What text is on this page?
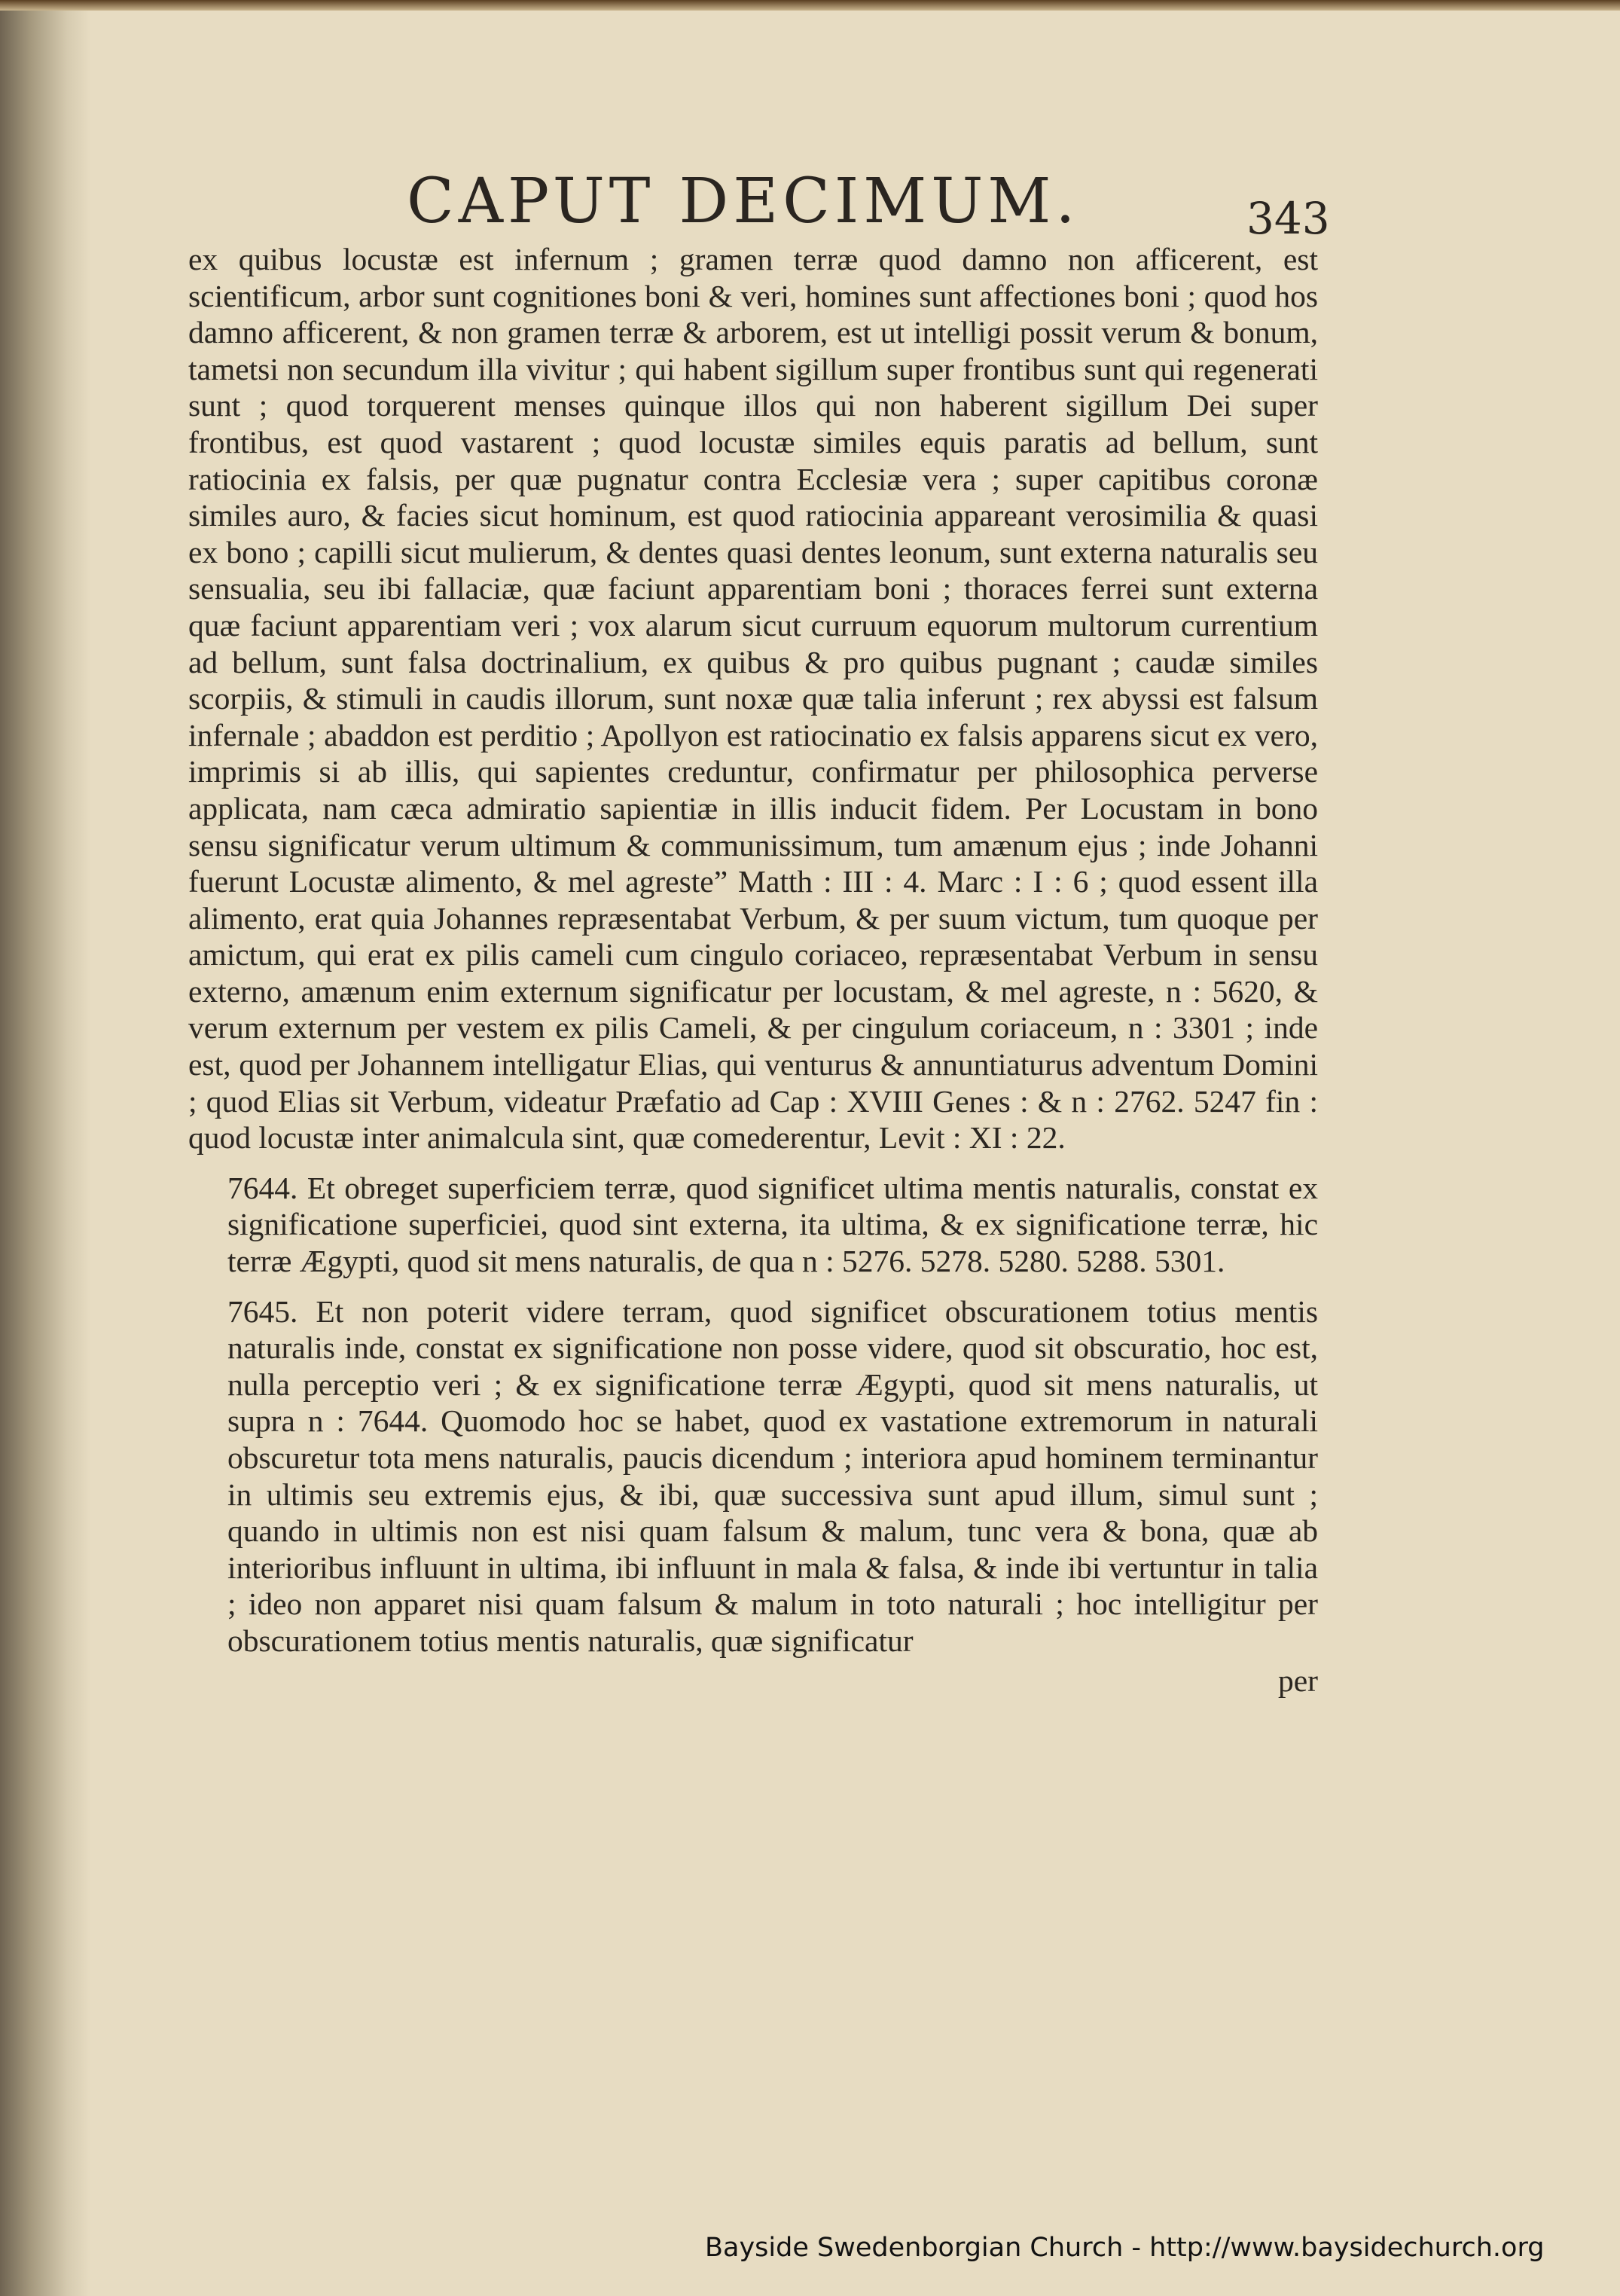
CAPUT DECIMUM.	343

ex quibus locustæ est infernum ; gramen terræ quod damno non afficerent, est scientificum, arbor sunt cognitiones boni & veri, homines sunt affectiones boni ; quod hos damno afficerent, & non gramen terræ & arborem, est ut intelligi possit verum & bonum, tametsi non secundum illa vivitur ; qui habent sigillum super frontibus sunt qui regenerati sunt ; quod torquerent menses quinque illos qui non haberent sigillum Dei super frontibus, est quod vastarent ; quod locustæ similes equis paratis ad bellum, sunt ratiocinia ex falsis, per quæ pugnatur contra Ecclesiæ vera ; super capitibus coronæ similes auro, & facies sicut hominum, est quod ratiocinia appareant verosimilia & quasi ex bono ; capilli sicut mulierum, & dentes quasi dentes leonum, sunt externa naturalis seu sensualia, seu ibi fallaciæ, quæ faciunt apparentiam boni ; thoraces ferrei sunt externa quæ faciunt apparentiam veri ; vox alarum sicut curruum equorum multorum currentium ad bellum, sunt falsa doctrinalium, ex quibus & pro quibus pugnant ; caudæ similes scorpiis, & stimuli in caudis illorum, sunt noxæ quæ talia inferunt ; rex abyssi est falsum infernale ; abaddon est perditio ; Apollyon est ratiocinatio ex falsis apparens sicut ex vero, imprimis si ab illis, qui sapientes creduntur, confirmatur per philosophica perverse applicata, nam cæca admiratio sapientiæ in illis inducit fidem. Per Locustam in bono sensu significatur verum ultimum & communissimum, tum amænum ejus ; inde Johanni fuerunt Locustæ alimento, & mel agreste” Matth : III : 4. Marc : I : 6 ; quod essent illa alimento, erat quia Johannes repræsentabat Verbum, & per suum victum, tum quoque per amictum, qui erat ex pilis cameli cum cingulo coriaceo, repræsentabat Verbum in sensu externo, amænum enim externum significatur per locustam, & mel agreste, n : 5620, & verum externum per vestem ex pilis Cameli, & per cingulum coriaceum, n : 3301 ; inde est, quod per Johannem intelligatur Elias, qui venturus & annuntiaturus adventum Domini ; quod Elias sit Verbum, videatur Præfatio ad Cap : XVIII Genes : & n : 2762. 5247 fin : quod locustæ inter animalcula sint, quæ comederentur, Levit : XI : 22.

7644. Et obreget superficiem terræ, quod significet ultima mentis naturalis, constat ex significatione superficiei, quod sint externa, ita ultima, & ex significatione terræ, hic terræ Ægypti, quod sit mens naturalis, de qua n : 5276. 5278. 5280. 5288. 5301.

7645. Et non poterit videre terram, quod significet obscurationem totius mentis naturalis inde, constat ex significatione non posse videre, quod sit obscuratio, hoc est, nulla perceptio veri ; & ex significatione terræ Ægypti, quod sit mens naturalis, ut supra n : 7644. Quomodo hoc se habet, quod ex vastatione extremorum in naturali obscuretur tota mens naturalis, paucis dicendum ; interiora apud hominem terminantur in ultimis seu extremis ejus, & ibi, quæ successiva sunt apud illum, simul sunt ; quando in ultimis non est nisi quam falsum & malum, tunc vera & bona, quæ ab interioribus influunt in ultima, ibi influunt in mala & falsa, & inde ibi vertuntur in talia ; ideo non apparet nisi quam falsum & malum in toto naturali ; hoc intelligitur per obscurationem totius mentis naturalis, quæ significatur

per
Bayside Swedenborgian Church - http://www.baysidechurch.org
